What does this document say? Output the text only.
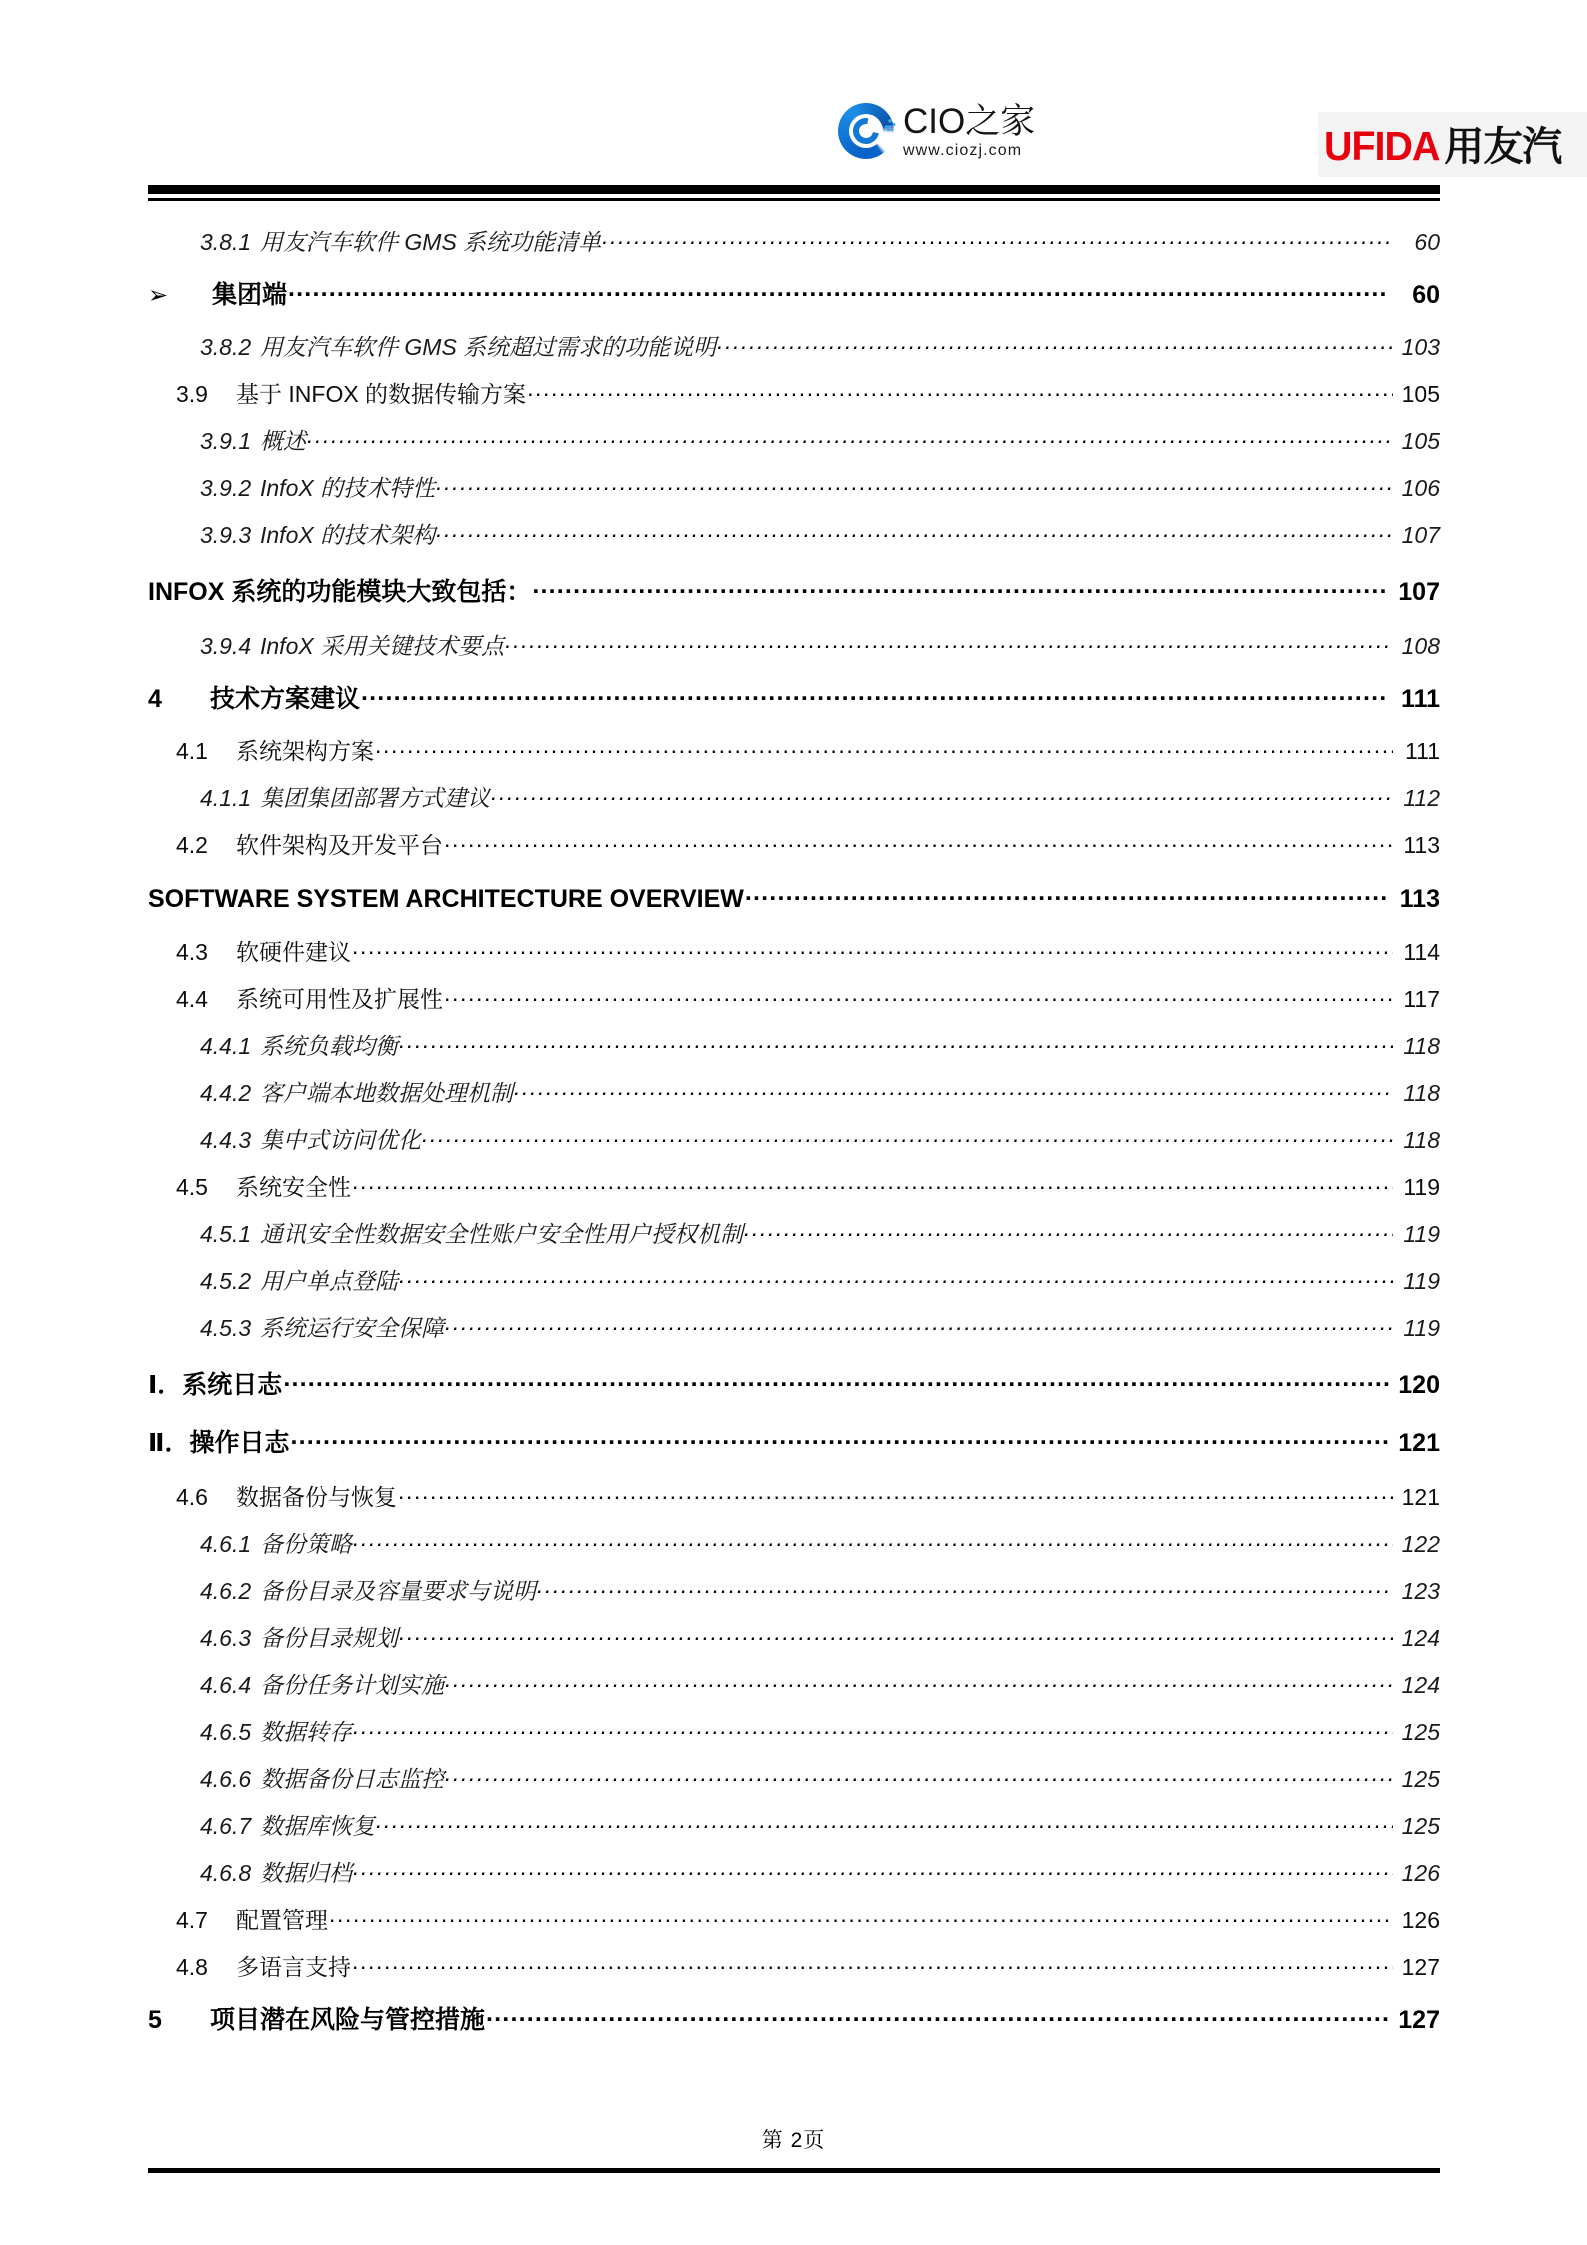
CIO之家
www.ciozj.com	UFIDA 用友汽
3.8.1 用友汽车软件 GMS 系统功能清单 .....	60
➢	集团端 .....	60
3.8.2 用友汽车软件 GMS 系统超过需求的功能说明 .....	103
3.9	基于 INFOX 的数据传输方案 .....	105
3.9.1 概述 .....	105
3.9.2 InfoX 的技术特性 .....	106
3.9.3 InfoX 的技术架构 .....	107
INFOX 系统的功能模块大致包括： .....	107
3.9.4 InfoX 采用关键技术要点 .....	108
4	技术方案建议 .....	111
4.1	系统架构方案 .....	111
4.1.1 集团集团部署方式建议 .....	112
4.2	软件架构及开发平台 .....	113
SOFTWARE SYSTEM ARCHITECTURE OVERVIEW .....	113
4.3	软硬件建议 .....	114
4.4	系统可用性及扩展性 .....	117
4.4.1 系统负载均衡 .....	118
4.4.2 客户端本地数据处理机制 .....	118
4.4.3 集中式访问优化 .....	118
4.5	系统安全性 .....	119
4.5.1 通讯安全性数据安全性账户安全性用户授权机制 .....	119
4.5.2 用户单点登陆 .....	119
4.5.3 系统运行安全保障 .....	119
Ⅰ．系统日志 .....	120
Ⅱ．操作日志 .....	121
4.6	数据备份与恢复 .....	121
4.6.1 备份策略 .....	122
4.6.2 备份目录及容量要求与说明 .....	123
4.6.3 备份目录规划 .....	124
4.6.4 备份任务计划实施 .....	124
4.6.5 数据转存 .....	125
4.6.6 数据备份日志监控 .....	125
4.6.7 数据库恢复 .....	125
4.6.8 数据归档 .....	126
4.7	配置管理 .....	126
4.8	多语言支持 .....	127
5	项目潜在风险与管控措施 .....	127
第 2页
